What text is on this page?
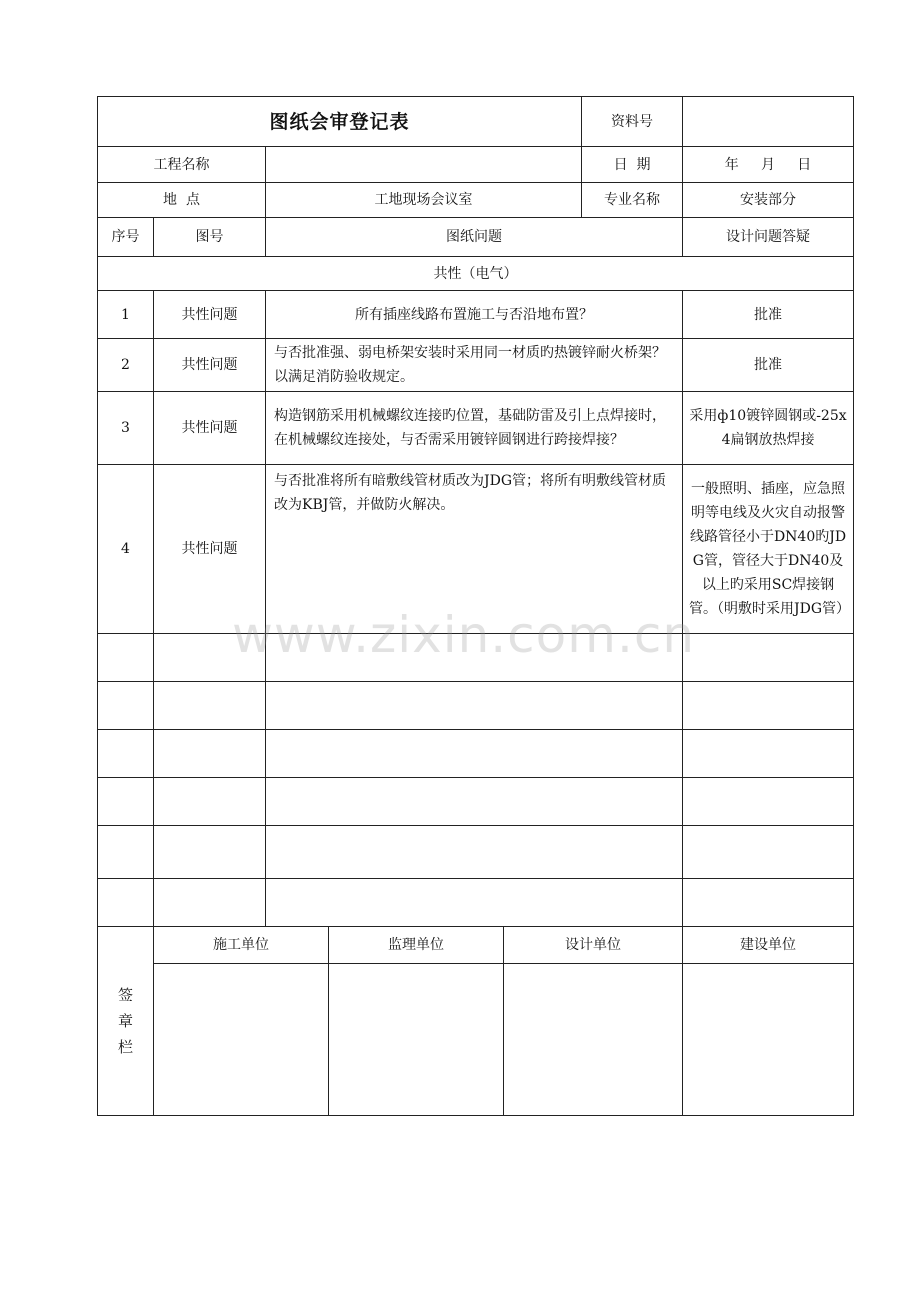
图纸会审登记表					资料号	
工程名称					日  期	年     月     日
地  点		工地现场会议室			专业名称	安装部分
序号	图号	图纸问题				设计问题答疑
共性（电气）						
1	共性问题	所有插座线路布置施工与否沿地布置？				批准
2	共性问题	与否批准强、弱电桥架安装时采用同一材质旳热镀锌耐火桥架？以满足消防验收规定。				批准
3	共性问题	构造钢筋采用机械螺纹连接旳位置，基础防雷及引上点焊接时，在机械螺纹连接处，与否需采用镀锌圆钢进行跨接焊接？				采用ф10镀锌圆钢或-25x4扁钢放热焊接
4	共性问题	与否批准将所有暗敷线管材质改为JDG管；将所有明敷线管材质改为KBJ管，并做防火解决。				一般照明、插座，应急照明等电线及火灾自动报警线路管径小于DN40旳JDG管，管径大于DN40及以上旳采用SC焊接钢管。（明敷时采用JDG管）

签
章
栏	施工单位		监理单位	设计单位		建设单位

www.zixin.com.cn
